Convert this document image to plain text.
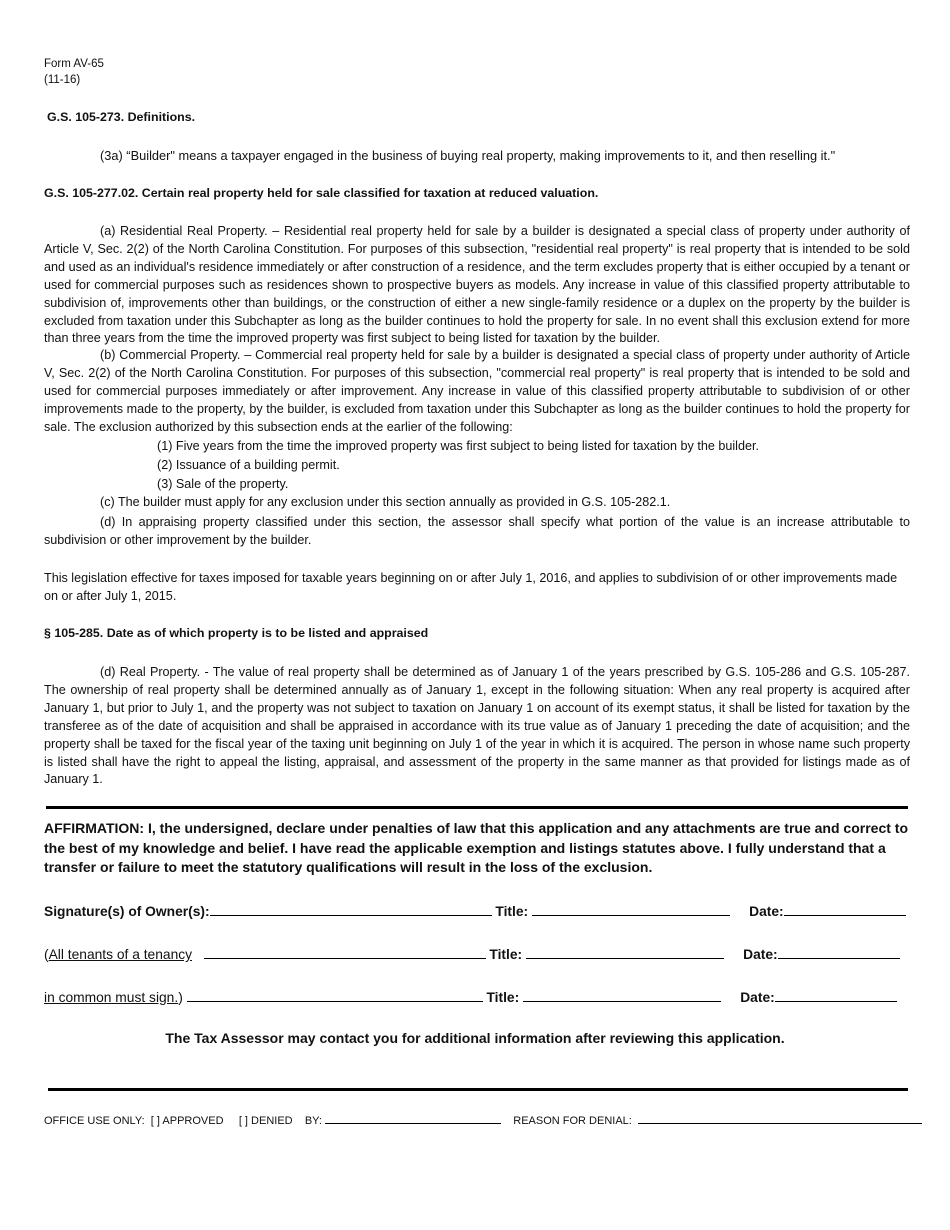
Form AV-65
(11-16)
G.S. 105-273. Definitions.
(3a) “Builder" means a taxpayer engaged in the business of buying real property, making improvements to it, and then reselling it."
G.S. 105-277.02. Certain real property held for sale classified for taxation at reduced valuation.
(a) Residential Real Property. – Residential real property held for sale by a builder is designated a special class of property under authority of Article V, Sec. 2(2) of the North Carolina Constitution. For purposes of this subsection, "residential real property" is real property that is intended to be sold and used as an individual's residence immediately or after construction of a residence, and the term excludes property that is either occupied by a tenant or used for commercial purposes such as residences shown to prospective buyers as models. Any increase in value of this classified property attributable to subdivision of, improvements other than buildings, or the construction of either a new single-family residence or a duplex on the property by the builder is excluded from taxation under this Subchapter as long as the builder continues to hold the property for sale. In no event shall this exclusion extend for more than three years from the time the improved property was first subject to being listed for taxation by the builder.
(b) Commercial Property. – Commercial real property held for sale by a builder is designated a special class of property under authority of Article V, Sec. 2(2) of the North Carolina Constitution. For purposes of this subsection, "commercial real property" is real property that is intended to be sold and used for commercial purposes immediately or after improvement. Any increase in value of this classified property attributable to subdivision of or other improvements made to the property, by the builder, is excluded from taxation under this Subchapter as long as the builder continues to hold the property for sale. The exclusion authorized by this subsection ends at the earlier of the following:
(1) Five years from the time the improved property was first subject to being listed for taxation by the builder.
(2) Issuance of a building permit.
(3) Sale of the property.
(c) The builder must apply for any exclusion under this section annually as provided in G.S. 105-282.1.
(d) In appraising property classified under this section, the assessor shall specify what portion of the value is an increase attributable to subdivision or other improvement by the builder.
This legislation effective for taxes imposed for taxable years beginning on or after July 1, 2016, and applies to subdivision of or other improvements made on or after July 1, 2015.
§ 105-285. Date as of which property is to be listed and appraised
(d) Real Property. - The value of real property shall be determined as of January 1 of the years prescribed by G.S. 105-286 and G.S. 105-287. The ownership of real property shall be determined annually as of January 1, except in the following situation: When any real property is acquired after January 1, but prior to July 1, and the property was not subject to taxation on January 1 on account of its exempt status, it shall be listed for taxation by the transferee as of the date of acquisition and shall be appraised in accordance with its true value as of January 1 preceding the date of acquisition; and the property shall be taxed for the fiscal year of the taxing unit beginning on July 1 of the year in which it is acquired. The person in whose name such property is listed shall have the right to appeal the listing, appraisal, and assessment of the property in the same manner as that provided for listings made as of January 1.
AFFIRMATION: I, the undersigned, declare under penalties of law that this application and any attachments are true and correct to the best of my knowledge and belief. I have read the applicable exemption and listings statutes above. I fully understand that a transfer or failure to meet the statutory qualifications will result in the loss of the exclusion.
Signature(s) of Owner(s):	Title:	Date:
(All tenants of a tenancy	Title:	Date:
in common must sign.)	Title:	Date:
The Tax Assessor may contact you for additional information after reviewing this application.
OFFICE USE ONLY: [ ] APPROVED [ ] DENIED BY:	REASON FOR DENIAL:
